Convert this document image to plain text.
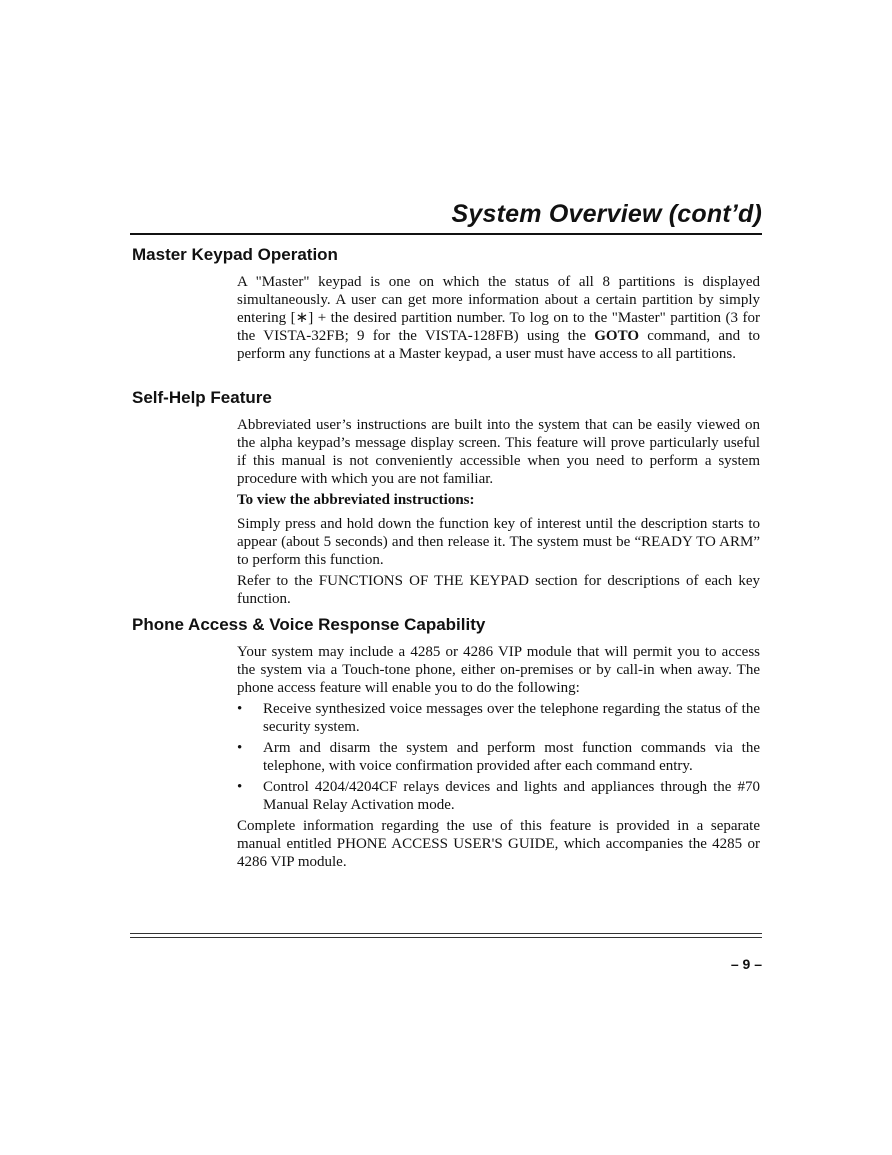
System Overview (cont’d)
Master Keypad Operation

A "Master" keypad is one on which the status of all 8 partitions is displayed simultaneously. A user can get more information about a certain partition by simply entering [∗] + the desired partition number. To log on to the "Master" partition (3 for the VISTA-32FB; 9 for the VISTA-128FB) using the GOTO command, and to perform any functions at a Master keypad, a user must have access to all partitions.

Self-Help Feature

Abbreviated user’s instructions are built into the system that can be easily viewed on the alpha keypad’s message display screen. This feature will prove particularly useful if this manual is not conveniently accessible when you need to perform a system procedure with which you are not familiar.

To view the abbreviated instructions:

Simply press and hold down the function key of interest until the description starts to appear (about 5 seconds) and then release it. The system must be “READY TO ARM” to perform this function.

Refer to the FUNCTIONS OF THE KEYPAD section for descriptions of each key function.

Phone Access & Voice Response Capability

Your system may include a 4285 or 4286 VIP module that will permit you to access the system via a Touch-tone phone, either on-premises or by call-in when away. The phone access feature will enable you to do the following:

•	Receive synthesized voice messages over the telephone regarding the status of the security system.
•	Arm and disarm the system and perform most function commands via the telephone, with voice confirmation provided after each command entry.
•	Control 4204/4204CF relays devices and lights and appliances through the #70 Manual Relay Activation mode.

Complete information regarding the use of this feature is provided in a separate manual entitled PHONE ACCESS USER'S GUIDE, which accompanies the 4285 or 4286 VIP module.

– 9 –
